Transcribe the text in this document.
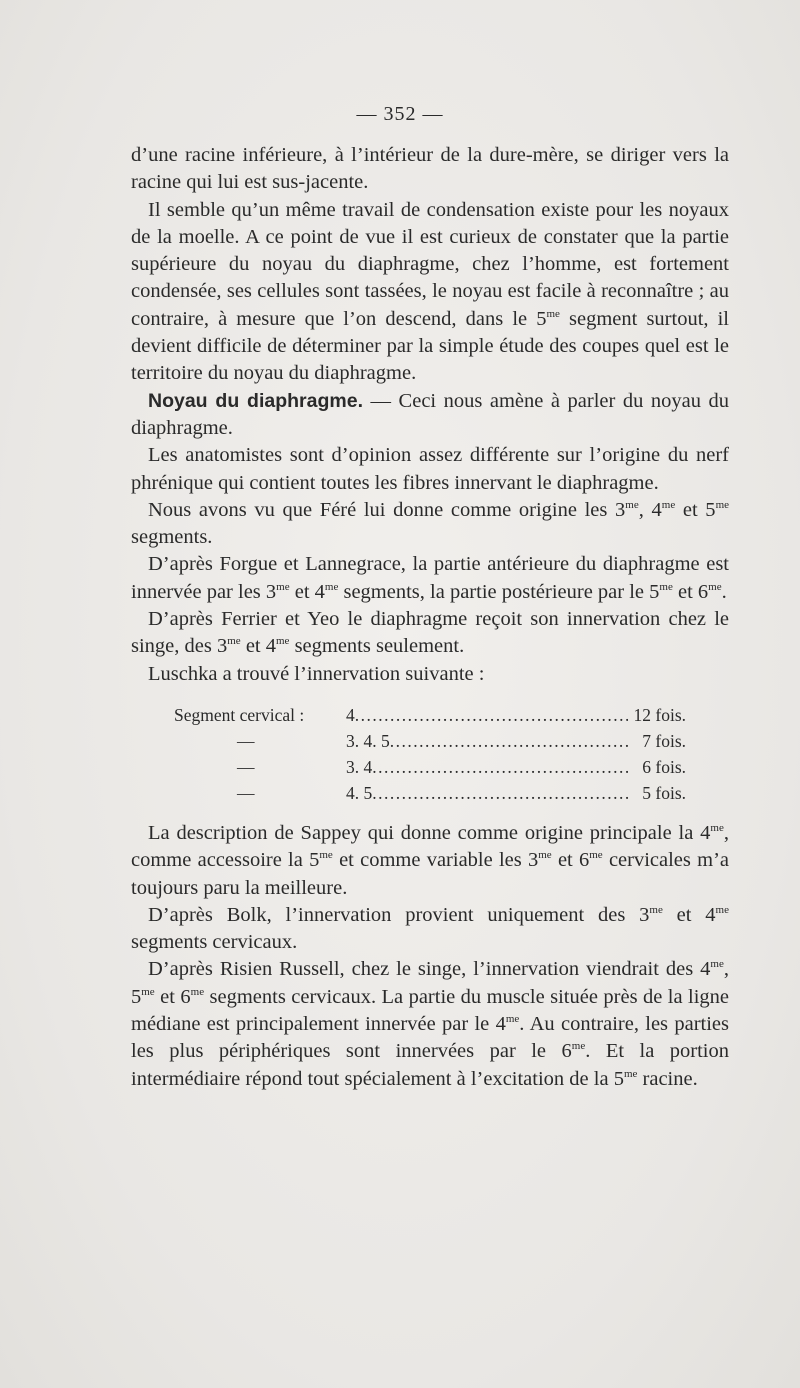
— 352 —

d’une racine inférieure, à l’intérieur de la dure-mère, se diriger vers la racine qui lui est sus-jacente.

Il semble qu’un même travail de condensation existe pour les noyaux de la moelle. A ce point de vue il est curieux de constater que la partie supérieure du noyau du diaphragme, chez l’homme, est fortement condensée, ses cellules sont tassées, le noyau est facile à reconnaître ; au contraire, à mesure que l’on descend, dans le $5^{me}$ segment surtout, il devient difficile de déterminer par la simple étude des coupes quel est le territoire du noyau du diaphragme.

Noyau du diaphragme. — Ceci nous amène à parler du noyau du diaphragme.

Les anatomistes sont d’opinion assez différente sur l’origine du nerf phrénique qui contient toutes les fibres innervant le diaphragme.

Nous avons vu que Féré lui donne comme origine les $3^{me}$, $4^{me}$ et $5^{me}$ segments.

D’après Forgue et Lannegrace, la partie antérieure du diaphragme est innervée par les $3^{me}$ et $4^{me}$ segments, la partie postérieure par le $5^{me}$ et $6^{me}$.

D’après Ferrier et Yeo le diaphragme reçoit son innervation chez le singe, des $3^{me}$ et $4^{me}$ segments seulement.

Luschka a trouvé l’innervation suivante :

Segment cervical :	4 .....	12 fois.
—	3. 4. 5 .....	7 fois.
—	3. 4 .....	6 fois.
—	4. 5 .....	5 fois.

La description de Sappey qui donne comme origine principale la $4^{me}$, comme accessoire la $5^{me}$ et comme variable les $3^{me}$ et $6^{me}$ cervicales m’a toujours paru la meilleure.

D’après Bolk, l’innervation provient uniquement des $3^{me}$ et $4^{me}$ segments cervicaux.

D’après Risien Russell, chez le singe, l’innervation viendrait des $4^{me}$, $5^{me}$ et $6^{me}$ segments cervicaux. La partie du muscle située près de la ligne médiane est principalement innervée par le $4^{me}$. Au contraire, les parties les plus périphériques sont innervées par le $6^{me}$. Et la portion intermédiaire répond tout spécialement à l’excitation de la $5^{me}$ racine.
